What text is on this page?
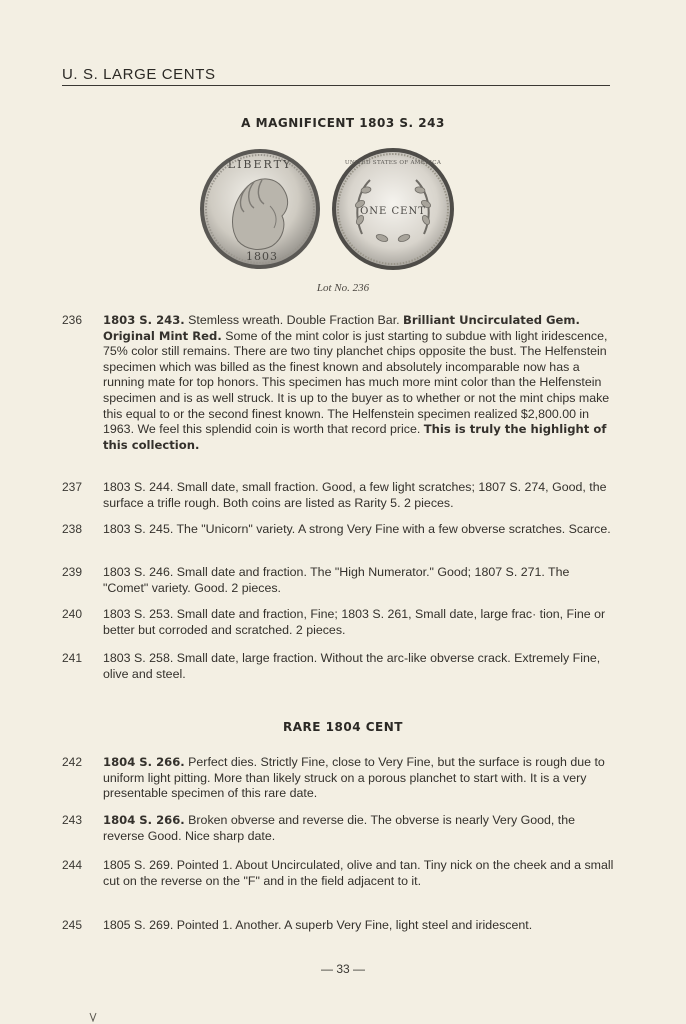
U. S. LARGE CENTS
A MAGNIFICENT 1803 S. 243
LIBERTY
1803
ONE CENT
UNITED STATES OF AMERICA
Lot No. 236
236	1803 S. 243. Stemless wreath. Double Fraction Bar. Brilliant Uncirculated Gem. Original Mint Red. Some of the mint color is just starting to subdue with light iridescence, 75% color still remains. There are two tiny planchet chips opposite the bust. The Helfenstein specimen which was billed as the finest known and absolutely incomparable now has a running mate for top honors. This specimen has much more mint color than the Helfenstein specimen and is as well struck. It is up to the buyer as to whether or not the mint chips make this equal to or the second finest known. The Helfenstein specimen realized $2,800.00 in 1963. We feel this splendid coin is worth that record price. This is truly the highlight of this collection.
237	1803 S. 244. Small date, small fraction. Good, a few light scratches; 1807 S. 274, Good, the surface a trifle rough. Both coins are listed as Rarity 5. 2 pieces.
238	1803 S. 245. The "Unicorn" variety. A strong Very Fine with a few obverse scratches. Scarce.
239	1803 S. 246. Small date and fraction. The "High Numerator." Good; 1807 S. 271. The "Comet" variety. Good. 2 pieces.
240	1803 S. 253. Small date and fraction, Fine; 1803 S. 261, Small date, large frac· tion, Fine or better but corroded and scratched. 2 pieces.
241	1803 S. 258. Small date, large fraction. Without the arc-like obverse crack. Extremely Fine, olive and steel.
RARE 1804 CENT
242	1804 S. 266. Perfect dies. Strictly Fine, close to Very Fine, but the surface is rough due to uniform light pitting. More than likely struck on a porous planchet to start with. It is a very presentable specimen of this rare date.
243	1804 S. 266. Broken obverse and reverse die. The obverse is nearly Very Good, the reverse Good. Nice sharp date.
244	1805 S. 269. Pointed 1. About Uncirculated, olive and tan. Tiny nick on the cheek and a small cut on the reverse on the "F" and in the field adjacent to it.
245	1805 S. 269. Pointed 1. Another. A superb Very Fine, light steel and iridescent.
— 33 —
